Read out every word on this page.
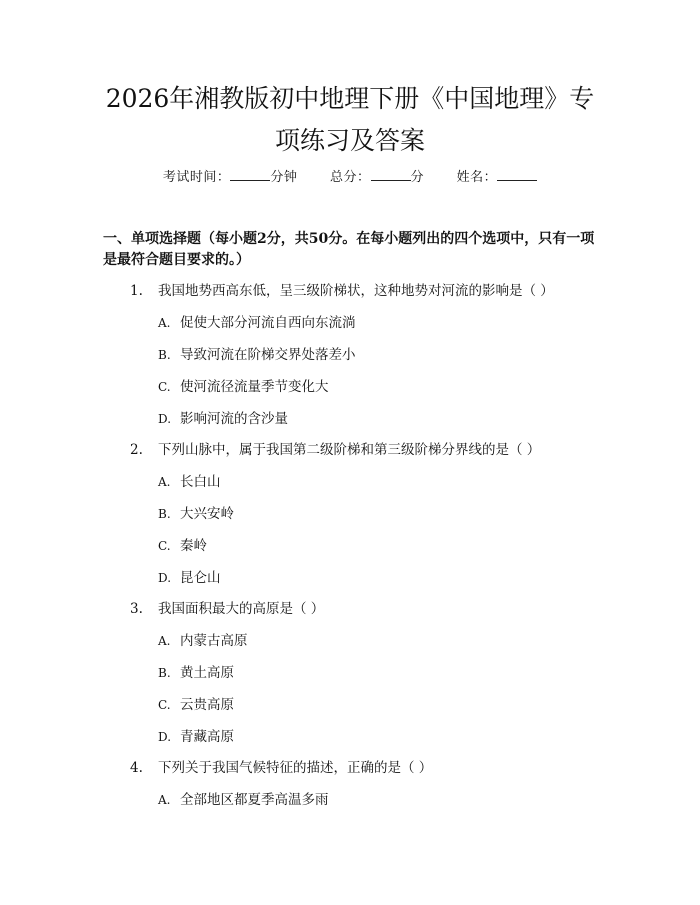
2026年湘教版初中地理下册《中国地理》专
项练习及答案
考试时间：	分钟	总分：	分	姓名：
一、单项选择题（每小题2分，共50分。在每小题列出的四个选项中，只有一项
是最符合题目要求的。）
1. 我国地势西高东低，呈三级阶梯状，这种地势对河流的影响是（ ）
A. 促使大部分河流自西向东流淌
B. 导致河流在阶梯交界处落差小
C. 使河流径流量季节变化大
D. 影响河流的含沙量
2. 下列山脉中，属于我国第二级阶梯和第三级阶梯分界线的是（ ）
A. 长白山
B. 大兴安岭
C. 秦岭
D. 昆仑山
3. 我国面积最大的高原是（ ）
A. 内蒙古高原
B. 黄土高原
C. 云贵高原
D. 青藏高原
4. 下列关于我国气候特征的描述，正确的是（ ）
A. 全部地区都夏季高温多雨
